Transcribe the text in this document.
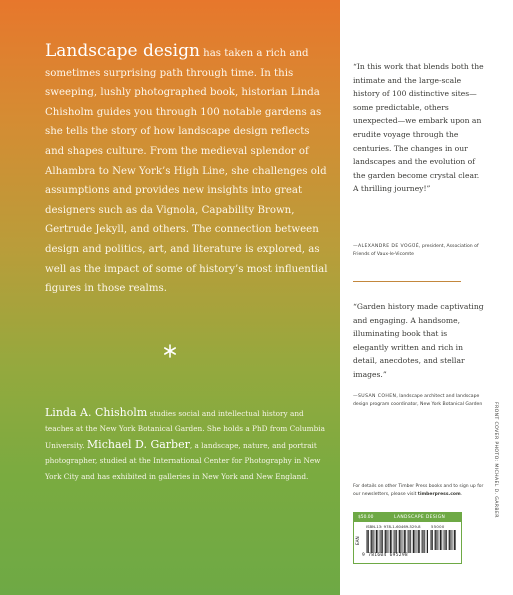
Landscape design has taken a rich and sometimes surprising path through time. In this sweeping, lushly photographed book, historian Linda Chisholm guides you through 100 notable gardens as she tells the story of how landscape design reflects and shapes culture. From the medieval splendor of Alhambra to New York’s High Line, she challenges old assumptions and provides new insights into great designers such as da Vignola, Capability Brown, Gertrude Jekyll, and others. The connection between design and politics, art, and literature is explored, as well as the impact of some of history’s most influential figures in those realms.

Linda A. Chisholm studies social and intellectual history and teaches at the New York Botanical Garden. She holds a PhD from Columbia University. Michael D. Garber, a landscape, nature, and portrait photographer, studied at the International Center for Photography in New York City and has exhibited in galleries in New York and New England.

“In this work that blends both the intimate and the large-scale history of 100 distinctive sites—some predictable, others unexpected—we embark upon an erudite voyage through the centuries. The changes in our landscapes and the evolution of the garden become crystal clear. A thrilling journey!”

—ALEXANDRE DE VOGÜÉ, president, Association of Friends of Vaux-le-Vicomte

“Garden history made captivating and engaging. A handsome, illuminating book that is elegantly written and rich in detail, anecdotes, and stellar images.”

—SUSAN COHEN, landscape architect and landscape design program coordinator, New York Botanical Garden
For details on other Timber Press books and to sign up for our newsletters, please visit timberpress.com.
$50.00	LANDSCAPE DESIGN
ISBN-13: 978-1-60469-529-8	55000
EAN
9 781604 695298
FRONT COVER PHOTO: MICHAEL D. GARBER
